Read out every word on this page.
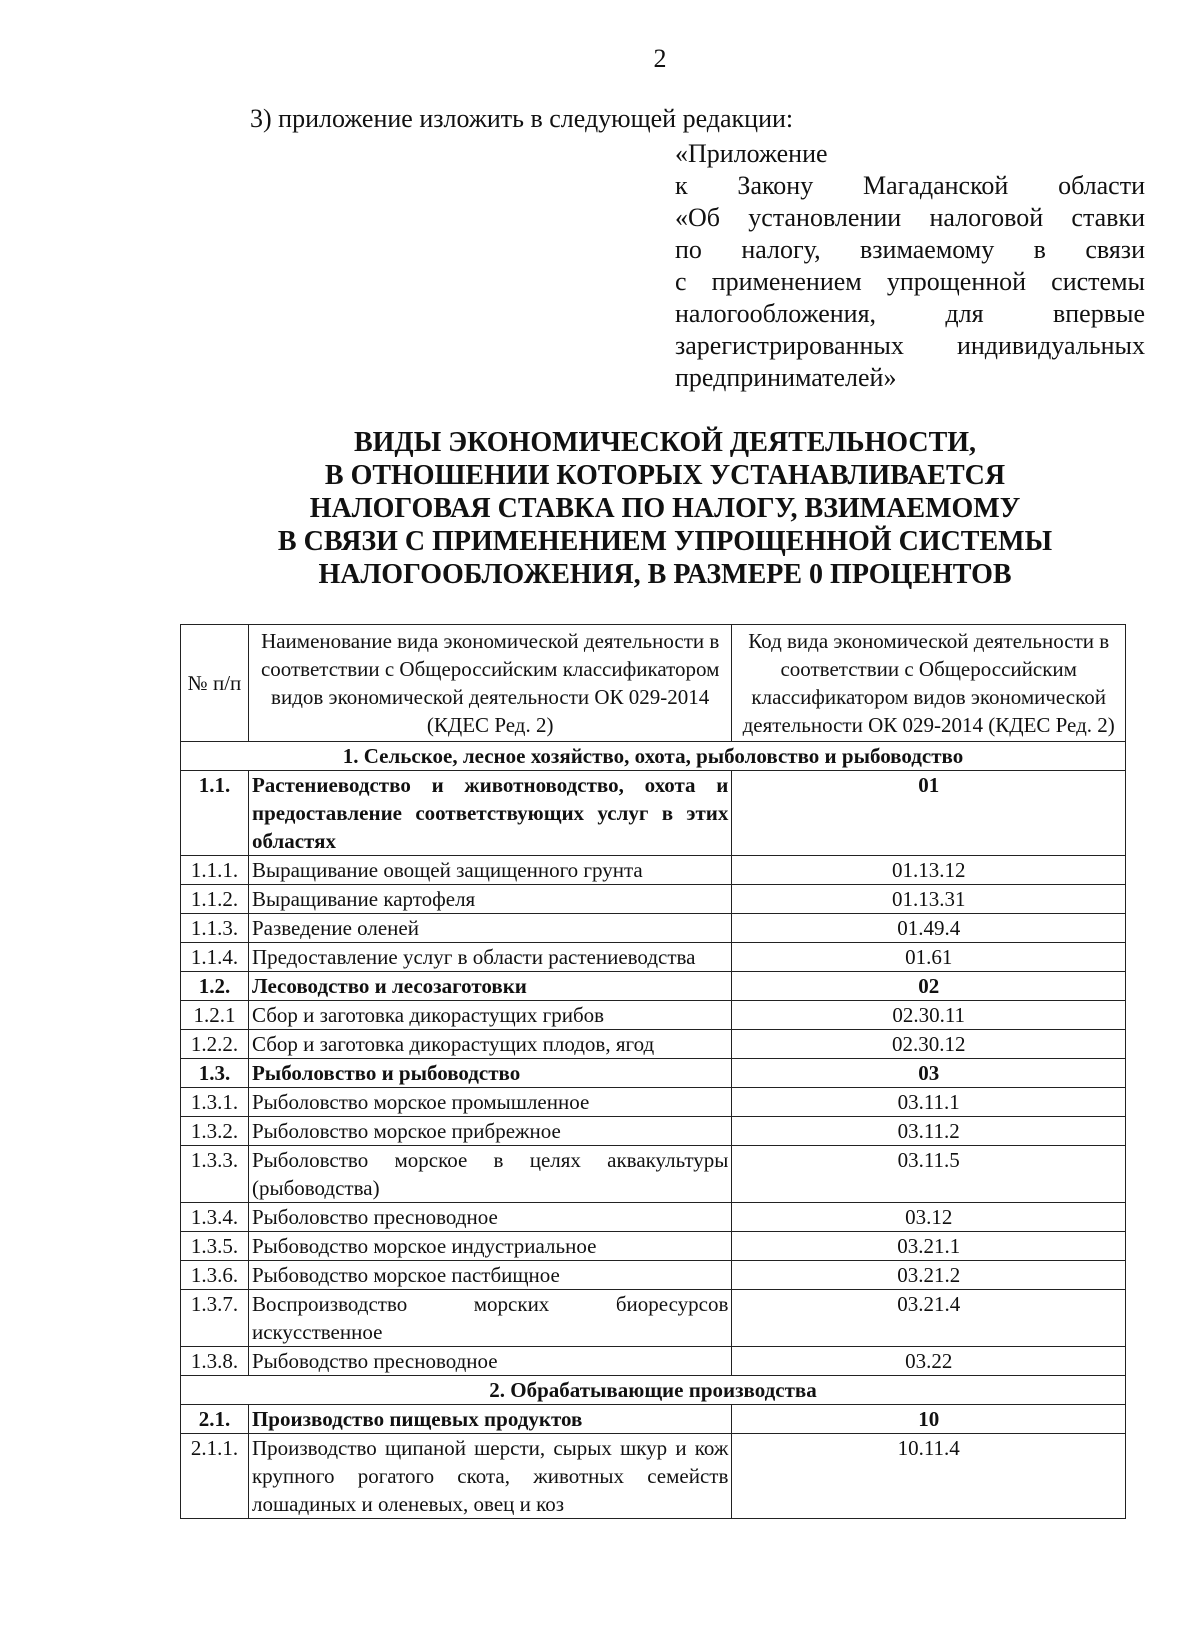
2
3) приложение изложить в следующей редакции:
«Приложение
к Закону Магаданской области
«Об установлении налоговой ставки
по налогу, взимаемому в связи
с применением упрощенной системы
налогообложения, для впервые
зарегистрированных индивидуальных
предпринимателей»
ВИДЫ ЭКОНОМИЧЕСКОЙ ДЕЯТЕЛЬНОСТИ,
В ОТНОШЕНИИ КОТОРЫХ УСТАНАВЛИВАЕТСЯ
НАЛОГОВАЯ СТАВКА ПО НАЛОГУ, ВЗИМАЕМОМУ
В СВЯЗИ С ПРИМЕНЕНИЕМ УПРОЩЕННОЙ СИСТЕМЫ
НАЛОГООБЛОЖЕНИЯ, В РАЗМЕРЕ 0 ПРОЦЕНТОВ
№ п/п	Наименование вида экономической деятельности в соответствии с Общероссийским классификатором видов экономической деятельности ОК 029-2014 (КДЕС Ред. 2)	Код вида экономической деятельности в соответствии с Общероссийским классификатором видов экономической деятельности ОК 029-2014 (КДЕС Ред. 2)
1. Сельское, лесное хозяйство, охота, рыболовство и рыбоводство		
1.1.	Растениеводство и животноводство, охота и предоставление соответствующих услуг в этих областях	01
1.1.1.	Выращивание овощей защищенного грунта	01.13.12
1.1.2.	Выращивание картофеля	01.13.31
1.1.3.	Разведение оленей	01.49.4
1.1.4.	Предоставление услуг в области растениеводства	01.61
1.2.	Лесоводство и лесозаготовки	02
1.2.1	Сбор и заготовка дикорастущих грибов	02.30.11
1.2.2.	Сбор и заготовка дикорастущих плодов, ягод	02.30.12
1.3.	Рыболовство и рыбоводство	03
1.3.1.	Рыболовство морское промышленное	03.11.1
1.3.2.	Рыболовство морское прибрежное	03.11.2
1.3.3.	Рыболовство морское в целях аквакультуры (рыбоводства)	03.11.5
1.3.4.	Рыболовство пресноводное	03.12
1.3.5.	Рыбоводство морское индустриальное	03.21.1
1.3.6.	Рыбоводство морское пастбищное	03.21.2
1.3.7.	Воспроизводство морских биоресурсов искусственное	03.21.4
1.3.8.	Рыбоводство пресноводное	03.22
2. Обрабатывающие производства		
2.1.	Производство пищевых продуктов	10
2.1.1.	Производство щипаной шерсти, сырых шкур и кож крупного рогатого скота, животных семейств лошадиных и оленевых, овец и коз	10.11.4
